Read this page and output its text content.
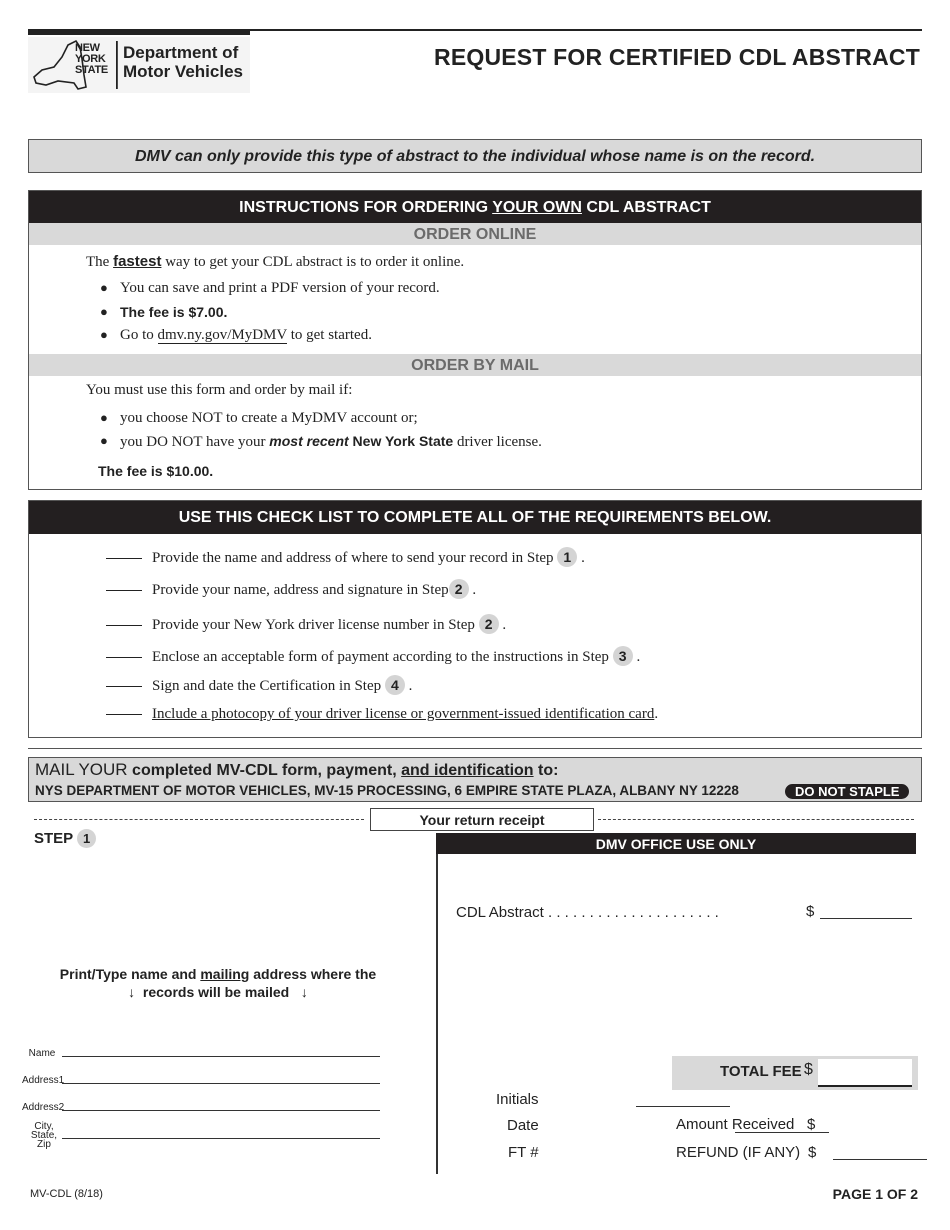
NEW
YORK
STATE
Department of
Motor Vehicles
REQUEST FOR CERTIFIED CDL ABSTRACT
DMV can only provide this type of abstract to the individual whose name is on the record.
INSTRUCTIONS FOR ORDERING YOUR OWN CDL ABSTRACT
ORDER ONLINE
The fastest way to get your CDL abstract is to order it online.
● You can save and print a PDF version of your record.
● The fee is $7.00.
● Go to dmv.ny.gov/MyDMV to get started.
ORDER BY MAIL
You must use this form and order by mail if:
● you choose NOT to create a MyDMV account or;
● you DO NOT have your most recent New York State driver license.
The fee is $10.00.
USE THIS CHECK LIST TO COMPLETE ALL OF THE REQUIREMENTS BELOW.
Provide the name and address of where to send your record in Step 1 .
Provide your name, address and signature in Step 2 .
Provide your New York driver license number in Step 2 .
Enclose an acceptable form of payment according to the instructions in Step 3 .
Sign and date the Certification in Step 4 .
Include a photocopy of your driver license or government-issued identification card.
MAIL YOUR completed MV-CDL form, payment, and identification to:
NYS DEPARTMENT OF MOTOR VEHICLES, MV-15 PROCESSING, 6 EMPIRE STATE PLAZA, ALBANY NY 12228	DO NOT STAPLE
Your return receipt
STEP 1
Print/Type name and mailing address where the
↓ records will be mailed ↓
Name
Address1
Address2
City,
State,
Zip
DMV OFFICE USE ONLY
CDL Abstract . . . . . . . . . . . . . . . . . . . . .	$

TOTAL FEE $
Initials

Date

FT #

Amount Received $

REFUND (IF ANY) $
MV-CDL (8/18)	PAGE 1 OF 2
